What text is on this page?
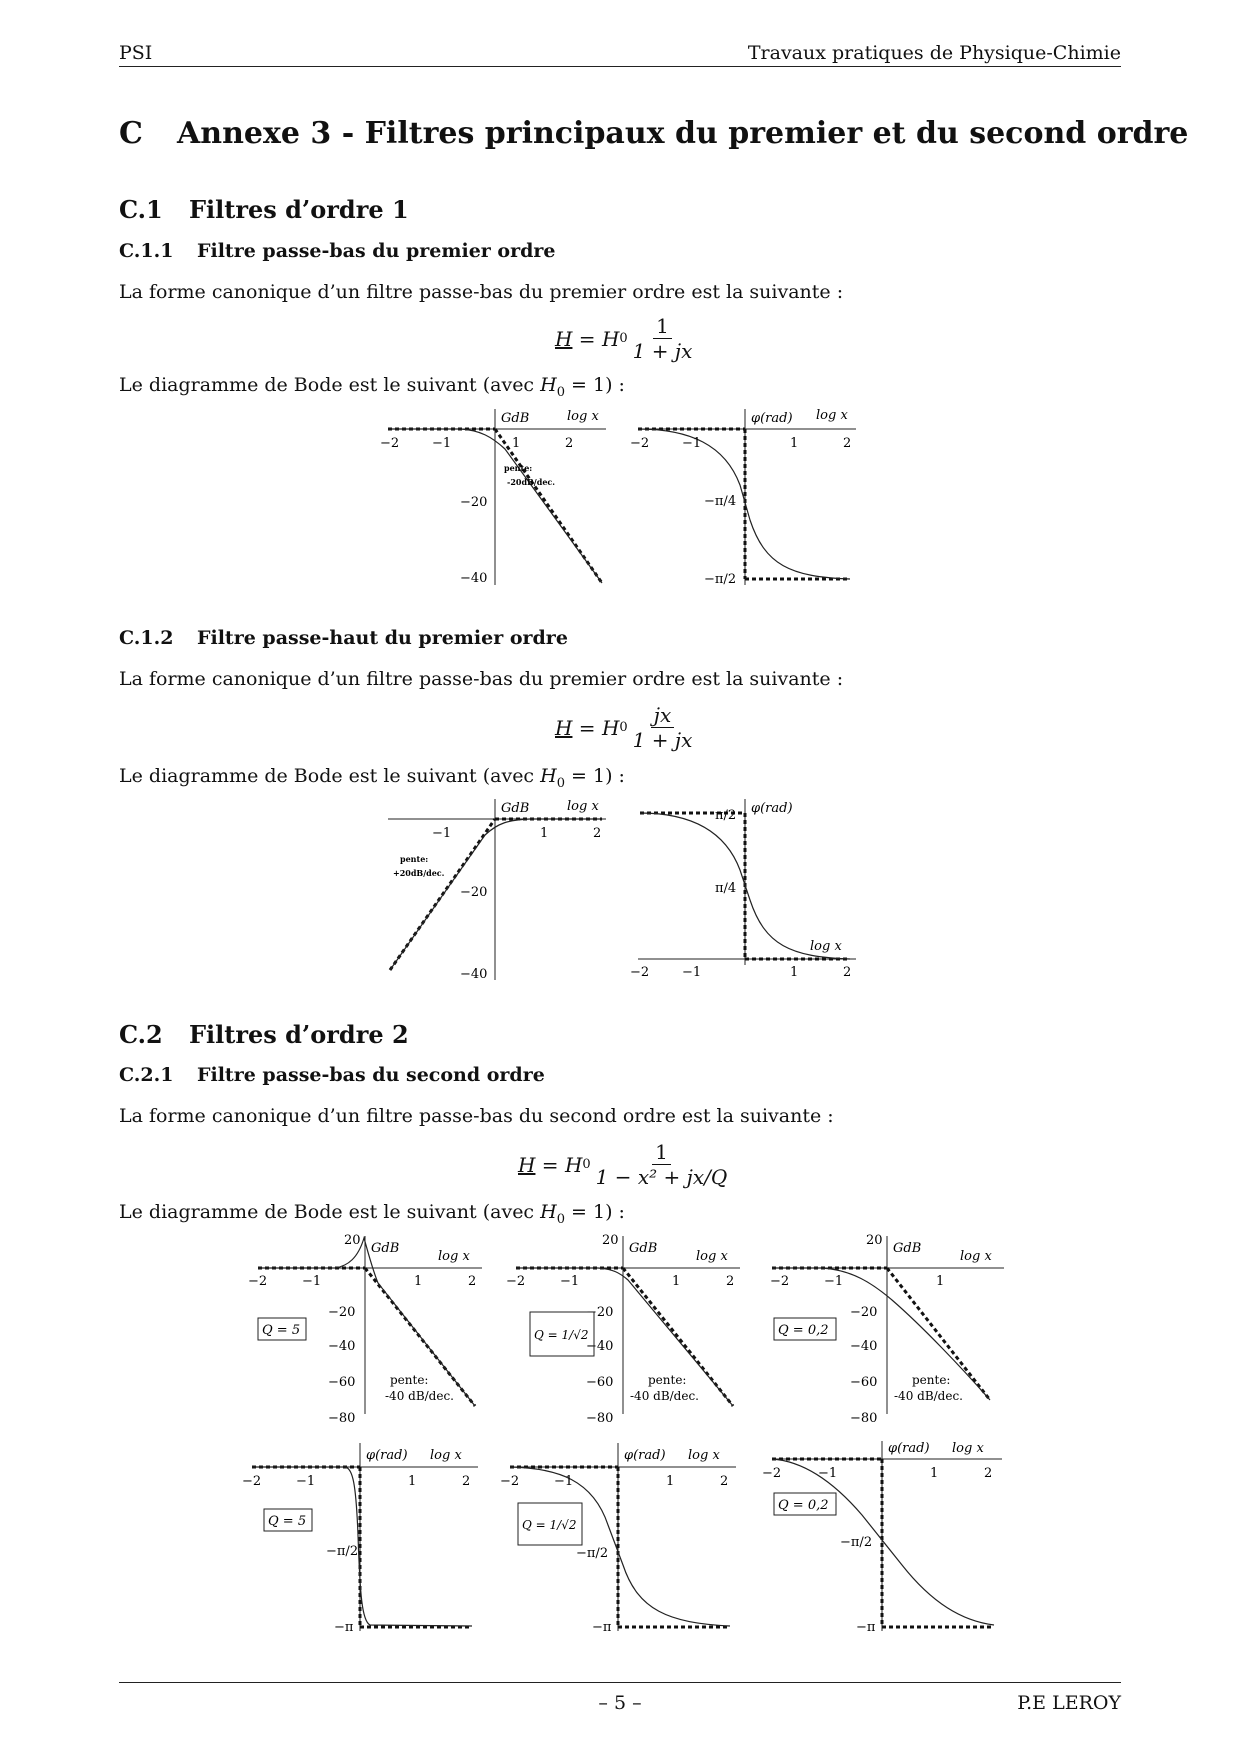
PSI	Travaux pratiques de Physique-Chimie
C Annexe 3 - Filtres principaux du premier et du second ordre
C.1 Filtres d’ordre 1
C.1.1 Filtre passe-bas du premier ordre
La forme canonique d’un filtre passe-bas du premier ordre est la suivante :
H = H $0 \frac{1}{1 + jx}$
Le diagramme de Bode est le suivant (avec $H_0 = 1$) :
GdB	log x
−2	−1	1	2
−20
−40
pente:
-20dB/dec.
φ(rad) log x
−2	−1	1	2
−π/4
−π/2
C.1.2 Filtre passe-haut du premier ordre
La forme canonique d’un filtre passe-bas du premier ordre est la suivante :
H = H $0 \frac{jx}{1 + jx}$
Le diagramme de Bode est le suivant (avec $H_0 = 1$) :
GdB	log x
−1	1	2
−20
−40
pente:
+20dB/dec.
φ(rad)
log x
π/2
π/4
−2	−1	1	2
C.2 Filtres d’ordre 2
C.2.1 Filtre passe-bas du second ordre
La forme canonique d’un filtre passe-bas du second ordre est la suivante :
H = H $0 \frac{1}{\text{1 − x² + jx/Q}}$
Le diagramme de Bode est le suivant (avec $H_0 = 1$) :
20
GdB
log x
−2	−1	1	2
−20
−40
−60
−80
Q = 5
pente:
-40 dB/dec.
20
GdB
log x
−2	−1	1	2
−20
−40
−60
−80
Q = 1/√2
pente:
-40 dB/dec.
20
GdB
log x
−2	−1	1
−20
−40
−60
−80
Q = 0,2
pente:
-40 dB/dec.
φ(rad) log x
−2	−1	1	2
−π/2
−π
Q = 5
φ(rad) log x
−2	−1	1	2
−π/2
−π
Q = 1/√2
φ(rad) log x
−2	−1	1	2
−π/2
−π
Q = 0,2
– 5 –	P.E LEROY
